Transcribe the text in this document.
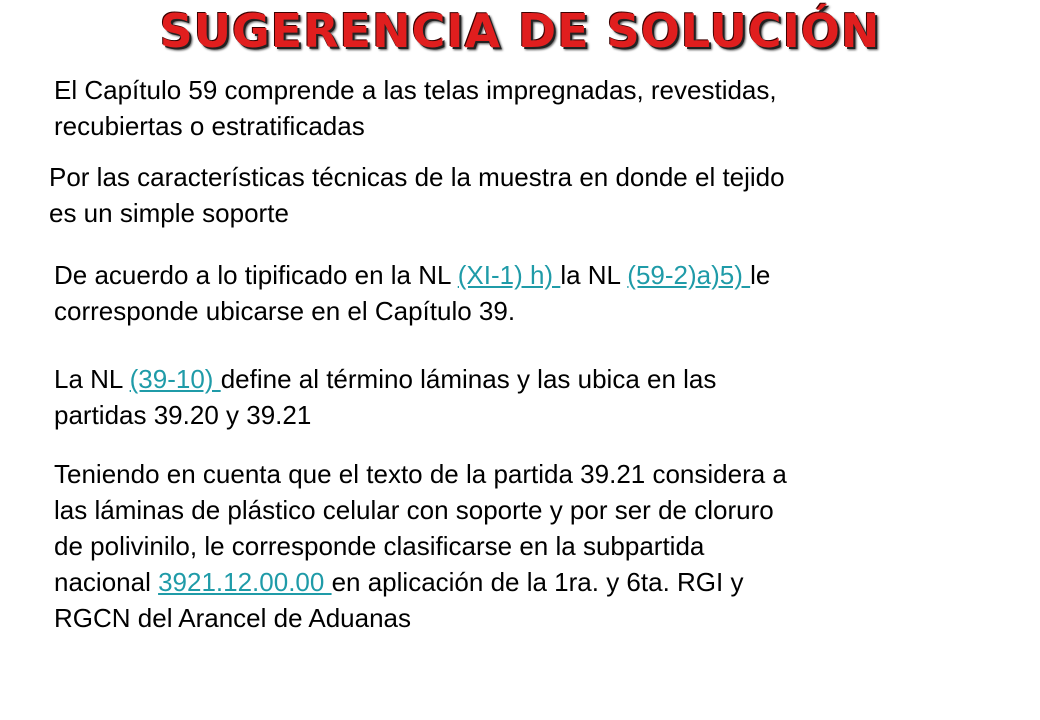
SUGERENCIA DE SOLUCIÓN

El Capítulo 59 comprende a las telas impregnadas, revestidas,
recubiertas o estratificadas

Por las características técnicas de la muestra en donde el tejido
es un simple soporte

De acuerdo a lo tipificado en la NL (XI-1) h) la NL (59-2)a)5) le
corresponde ubicarse en el Capítulo 39.

La NL (39-10) define al término láminas y las ubica en las
partidas 39.20 y 39.21

Teniendo en cuenta que el texto de la partida 39.21 considera a
las láminas de plástico celular con soporte y por ser de cloruro
de polivinilo, le corresponde clasificarse en la subpartida
nacional 3921.12.00.00 en aplicación de la 1ra. y 6ta. RGI y
RGCN del Arancel de Aduanas
